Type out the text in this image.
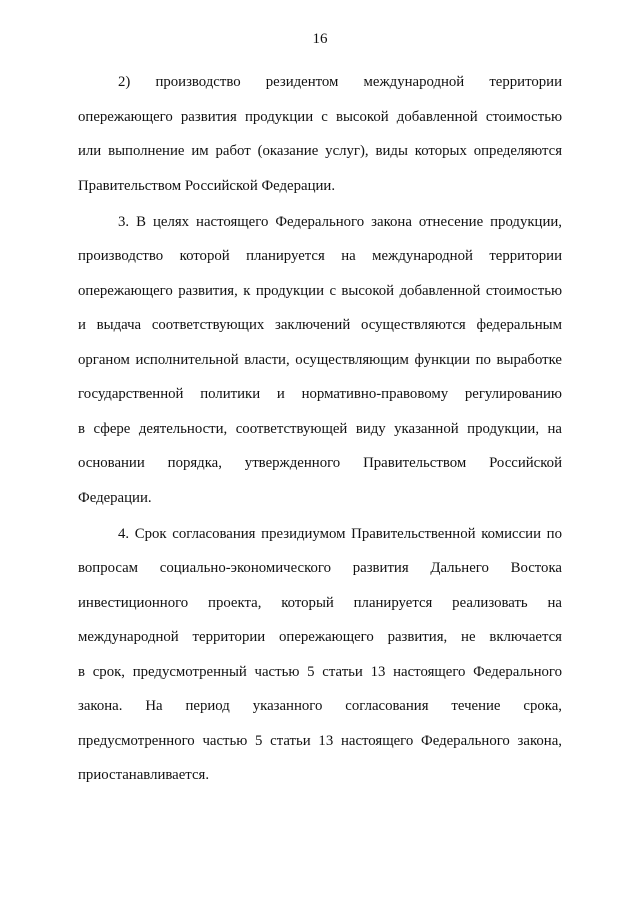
16
2) производство резидентом международной территории
опережающего развития продукции с высокой добавленной стоимостью
или выполнение им работ (оказание услуг), виды которых определяются
Правительством Российской Федерации.
3. В целях настоящего Федерального закона отнесение продукции,
производство которой планируется на международной территории
опережающего развития, к продукции с высокой добавленной стоимостью
и выдача соответствующих заключений осуществляются федеральным
органом исполнительной власти, осуществляющим функции по выработке
государственной политики и нормативно-правовому регулированию
в сфере деятельности, соответствующей виду указанной продукции, на
основании порядка, утвержденного Правительством Российской
Федерации.
4. Срок согласования президиумом Правительственной комиссии по
вопросам социально-экономического развития Дальнего Востока
инвестиционного проекта, который планируется реализовать на
международной территории опережающего развития, не включается
в срок, предусмотренный частью 5 статьи 13 настоящего Федерального
закона. На период указанного согласования течение срока,
предусмотренного частью 5 статьи 13 настоящего Федерального закона,
приостанавливается.
